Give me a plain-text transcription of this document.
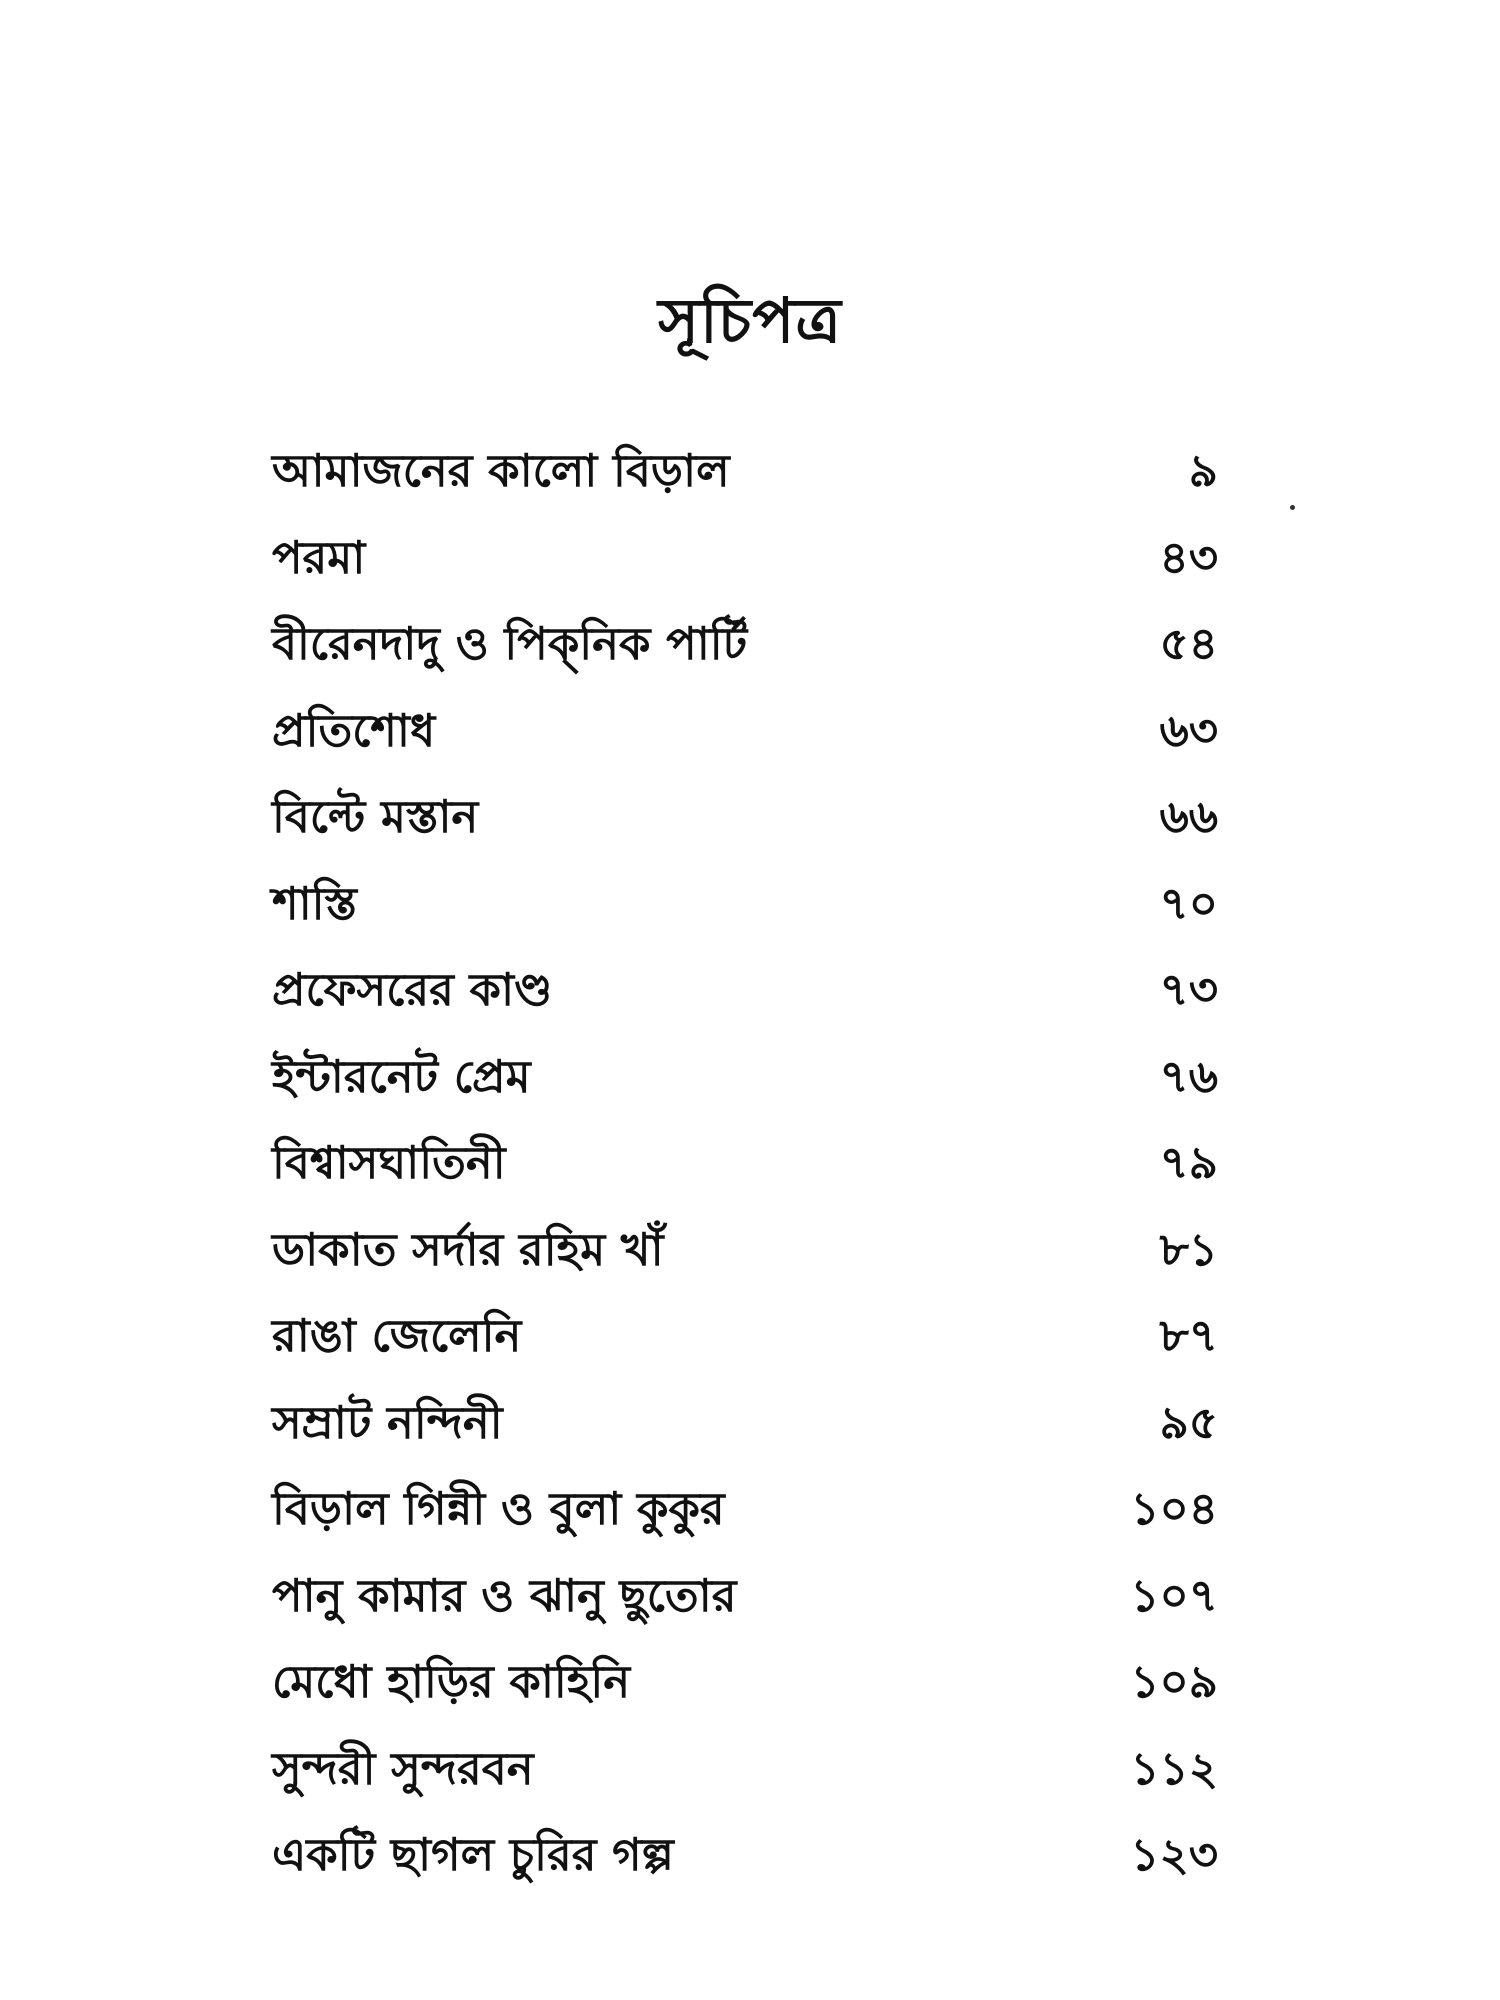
সূচিপত্র
আমাজনের কালো বিড়াল	৯
পরমা	৪৩
বীরেনদাদু ও পিক্‌নিক পার্টি	৫৪
প্রতিশোধ	৬৩
বিল্টে মস্তান	৬৬
শাস্তি	৭০
প্রফেসরের কাণ্ড	৭৩
ইন্টারনেট প্রেম	৭৬
বিশ্বাসঘাতিনী	৭৯
ডাকাত সর্দার রহিম খাঁ	৮১
রাঙা জেলেনি	৮৭
সম্রাট নন্দিনী	৯৫
বিড়াল গিন্নী ও বুলা কুকুর	১০৪
পানু কামার ও ঝানু ছুতোর	১০৭
মেধো হাড়ির কাহিনি	১০৯
সুন্দরী সুন্দরবন	১১২
একটি ছাগল চুরির গল্প	১২৩
